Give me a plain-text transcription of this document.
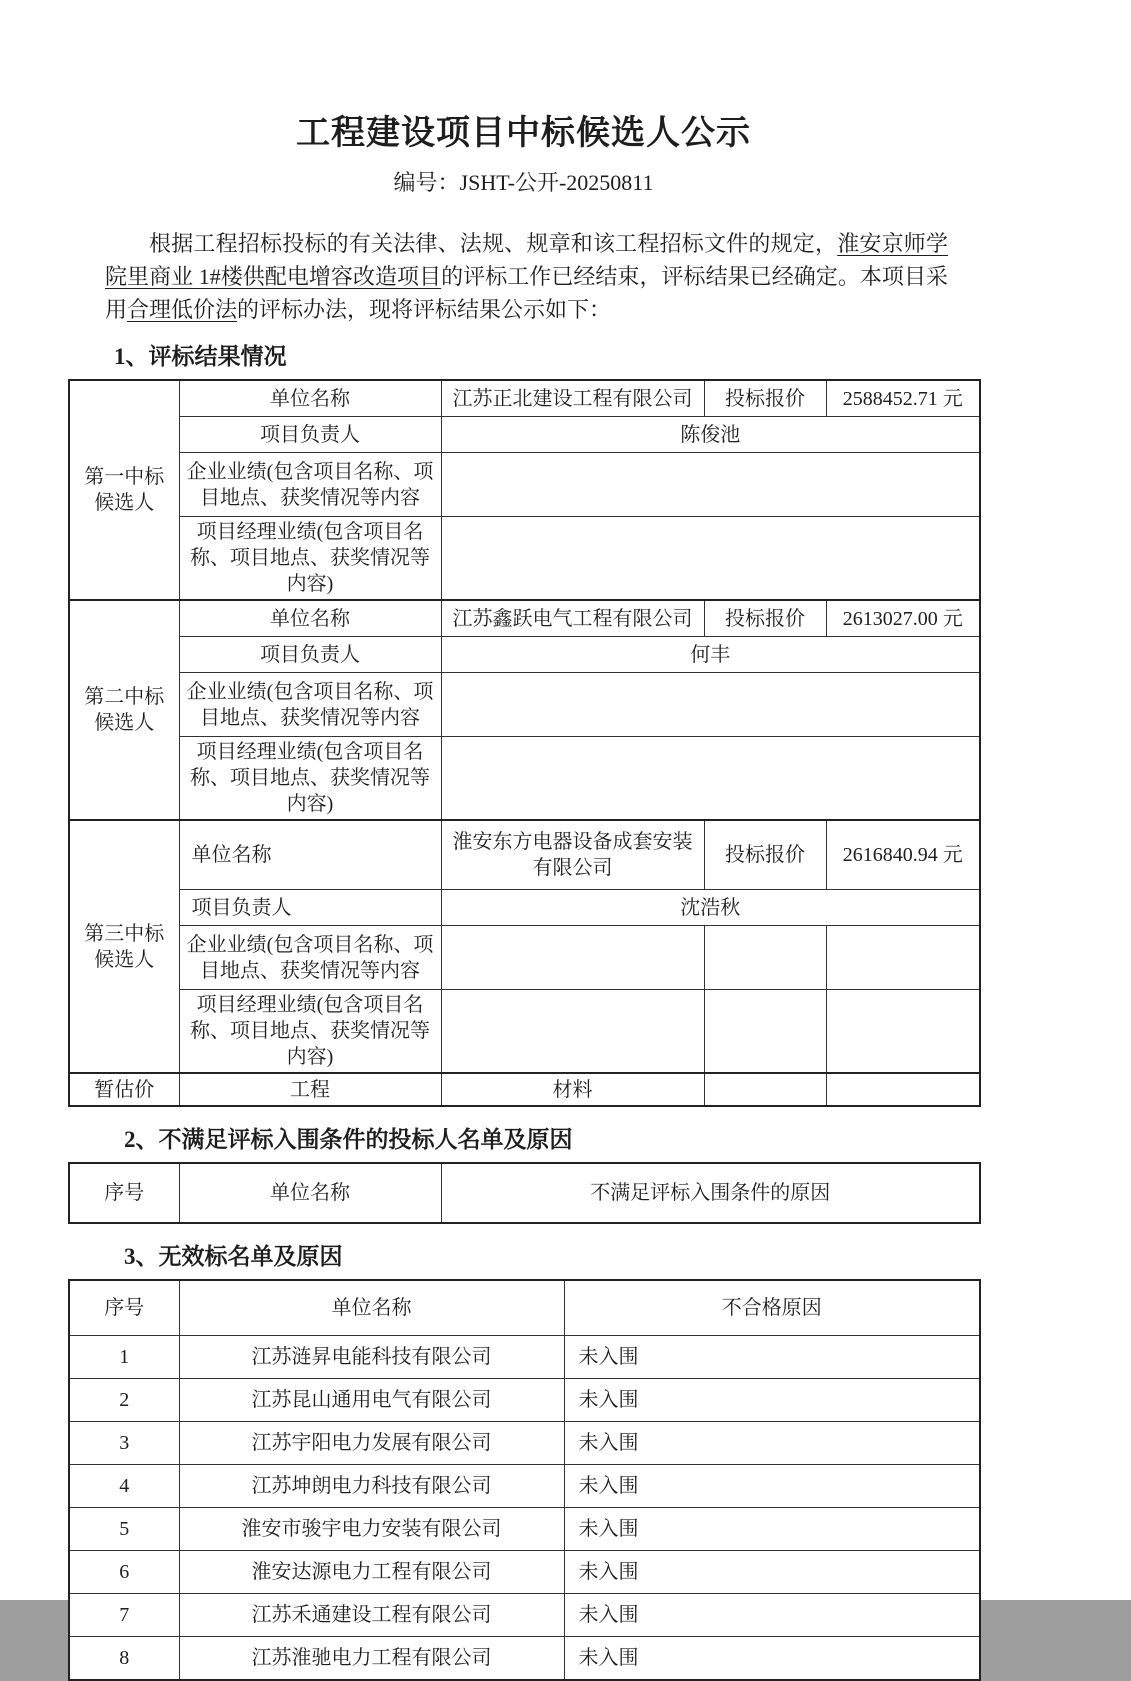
工程建设项目中标候选人公示
编号：JSHT-公开-20250811

根据工程招标投标的有关法律、法规、规章和该工程招标文件的规定，淮安京师学院里商业 1#楼供配电增容改造项目的评标工作已经结束，评标结果已经确定。本项目采用合理低价法的评标办法，现将评标结果公示如下：

1、评标结果情况
第一中标候选人	单位名称	江苏正北建设工程有限公司	投标报价	2588452.71 元
	项目负责人	陈俊池		
	企业业绩(包含项目名称、项目地点、获奖情况等内容			
	项目经理业绩(包含项目名称、项目地点、获奖情况等内容)			
第二中标候选人	单位名称	江苏鑫跃电气工程有限公司	投标报价	2613027.00 元
	项目负责人	何丰		
	企业业绩(包含项目名称、项目地点、获奖情况等内容			
	项目经理业绩(包含项目名称、项目地点、获奖情况等内容)			
第三中标候选人	单位名称	淮安东方电器设备成套安装有限公司	投标报价	2616840.94 元
	项目负责人	沈浩秋		
	企业业绩(包含项目名称、项目地点、获奖情况等内容			
	项目经理业绩(包含项目名称、项目地点、获奖情况等内容)			
暂估价	工程	材料		
2、不满足评标入围条件的投标人名单及原因
序号	单位名称	不满足评标入围条件的原因
3、无效标名单及原因
序号	单位名称	不合格原因
1	江苏涟昇电能科技有限公司	未入围
2	江苏昆山通用电气有限公司	未入围
3	江苏宇阳电力发展有限公司	未入围
4	江苏坤朗电力科技有限公司	未入围
5	淮安市骏宇电力安装有限公司	未入围
6	淮安达源电力工程有限公司	未入围
7	江苏禾通建设工程有限公司	未入围
8	江苏淮驰电力工程有限公司	未入围
